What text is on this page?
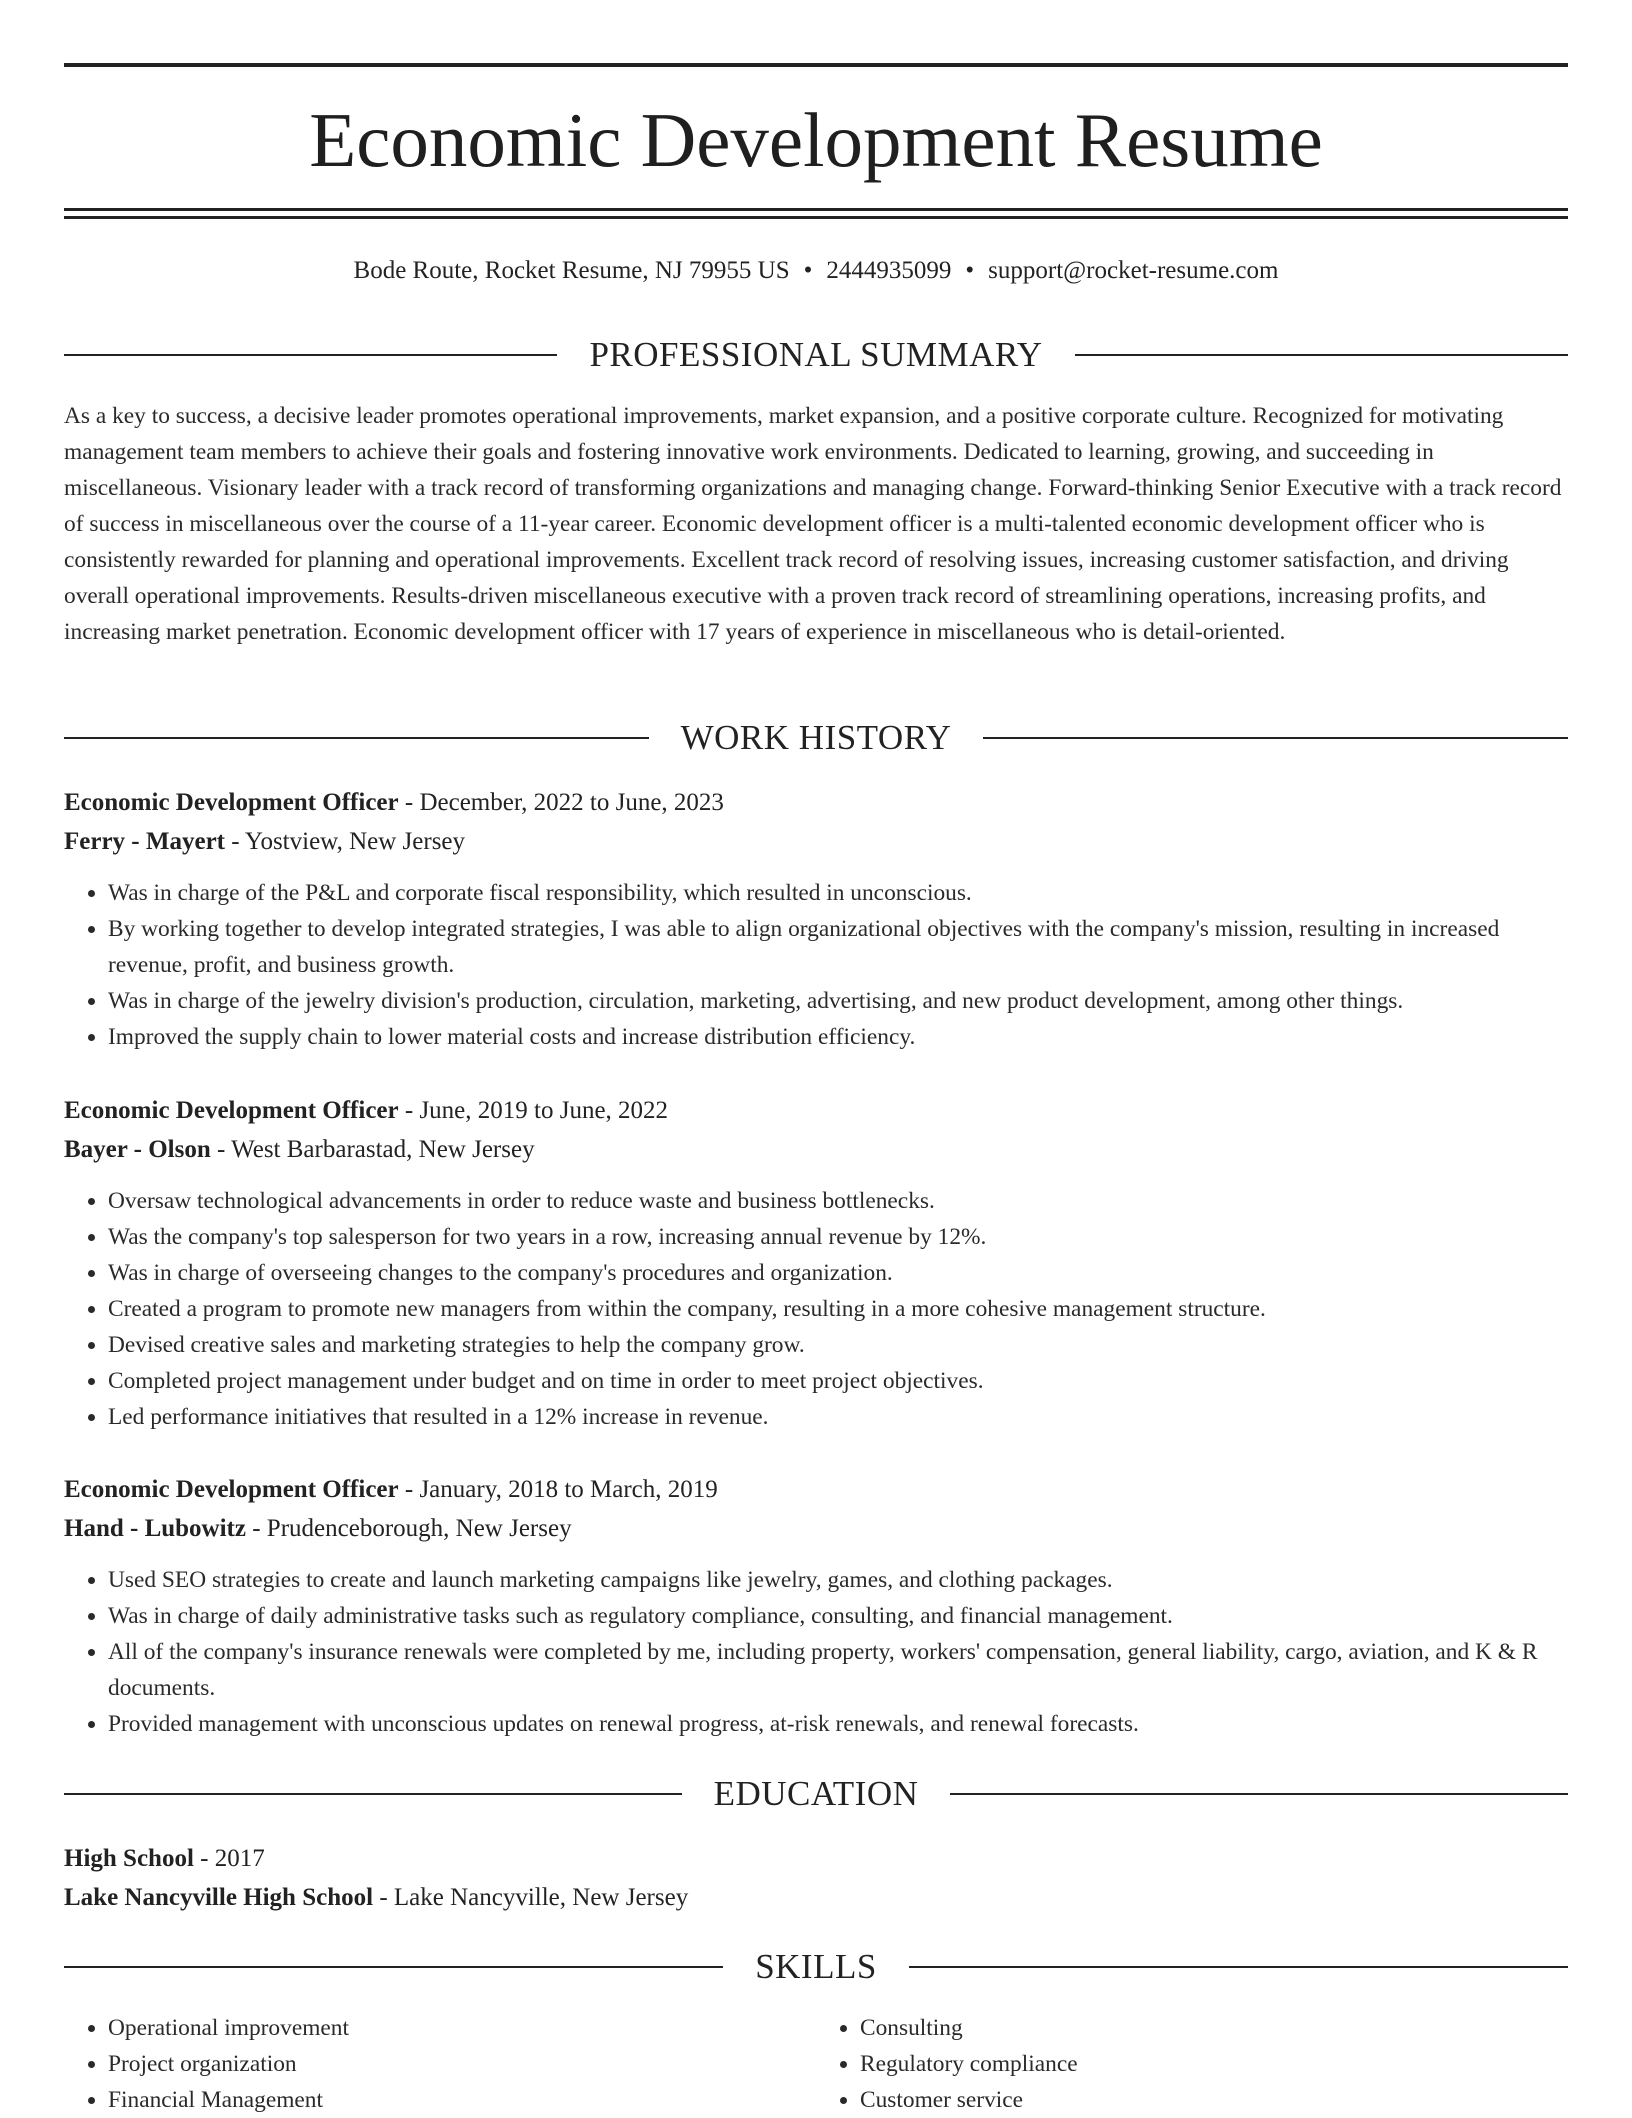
Economic Development Resume
Bode Route, Rocket Resume, NJ 79955 US • 2444935099 • support@rocket-resume.com
PROFESSIONAL SUMMARY

As a key to success, a decisive leader promotes operational improvements, market expansion, and a positive corporate culture. Recognized for motivating management team members to achieve their goals and fostering innovative work environments. Dedicated to learning, growing, and succeeding in miscellaneous. Visionary leader with a track record of transforming organizations and managing change. Forward-thinking Senior Executive with a track record of success in miscellaneous over the course of a 11-year career. Economic development officer is a multi-talented economic development officer who is consistently rewarded for planning and operational improvements. Excellent track record of resolving issues, increasing customer satisfaction, and driving overall operational improvements. Results-driven miscellaneous executive with a proven track record of streamlining operations, increasing profits, and increasing market penetration. Economic development officer with 17 years of experience in miscellaneous who is detail-oriented.

WORK HISTORY
Economic Development Officer - December, 2022 to June, 2023
Ferry - Mayert - Yostview, New Jersey
• Was in charge of the P&L and corporate fiscal responsibility, which resulted in unconscious.
• By working together to develop integrated strategies, I was able to align organizational objectives with the company's mission, resulting in increased revenue, profit, and business growth.
• Was in charge of the jewelry division's production, circulation, marketing, advertising, and new product development, among other things.
• Improved the supply chain to lower material costs and increase distribution efficiency.
Economic Development Officer - June, 2019 to June, 2022
Bayer - Olson - West Barbarastad, New Jersey
• Oversaw technological advancements in order to reduce waste and business bottlenecks.
• Was the company's top salesperson for two years in a row, increasing annual revenue by 12%.
• Was in charge of overseeing changes to the company's procedures and organization.
• Created a program to promote new managers from within the company, resulting in a more cohesive management structure.
• Devised creative sales and marketing strategies to help the company grow.
• Completed project management under budget and on time in order to meet project objectives.
• Led performance initiatives that resulted in a 12% increase in revenue.
Economic Development Officer - January, 2018 to March, 2019
Hand - Lubowitz - Prudenceborough, New Jersey
• Used SEO strategies to create and launch marketing campaigns like jewelry, games, and clothing packages.
• Was in charge of daily administrative tasks such as regulatory compliance, consulting, and financial management.
• All of the company's insurance renewals were completed by me, including property, workers' compensation, general liability, cargo, aviation, and K & R documents.
• Provided management with unconscious updates on renewal progress, at-risk renewals, and renewal forecasts.
EDUCATION
High School - 2017
Lake Nancyville High School - Lake Nancyville, New Jersey
SKILLS
• Operational improvement
• Project organization
• Financial Management
• Consulting
• Regulatory compliance
• Customer service
